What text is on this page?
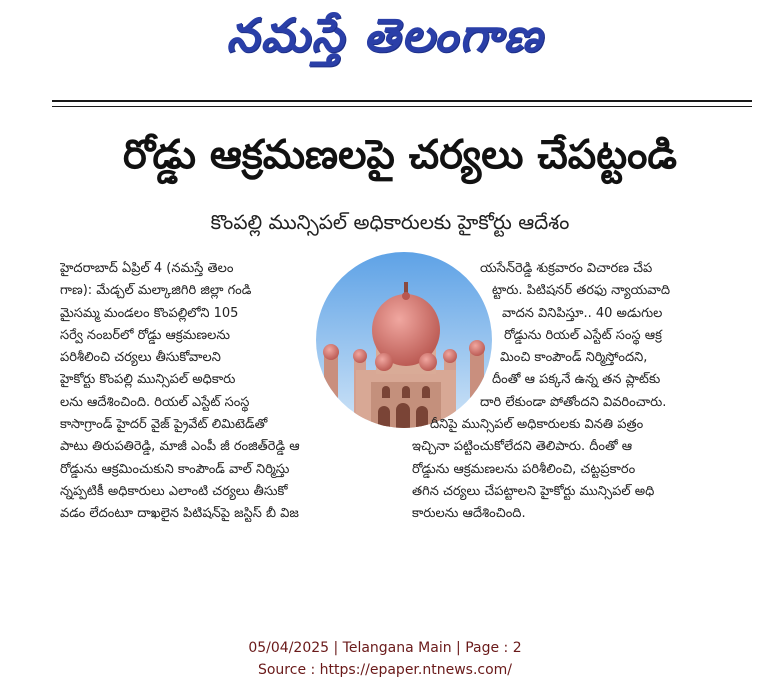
నమస్తే తెలంగాణ
రోడ్డు ఆక్రమణలపై చర్యలు చేపట్టండి
కొంపల్లి మున్సిపల్ అధికారులకు హైకోర్టు ఆదేశం
హైదరాబాద్ ఏప్రిల్ 4 (నమస్తే తెలం
గాణ): మేడ్చల్ మల్కాజిగిరి జిల్లా గండి
మైసమ్మ మండలం కొంపల్లిలోని 105
సర్వే నంబర్‌లో రోడ్డు ఆక్రమణలను
పరిశీలించి చర్యలు తీసుకోవాలని
హైకోర్టు కొంపల్లి మున్సిపల్ అధికారు
లను ఆదేశించింది. రియల్ ఎస్టేట్ సంస్థ
కాసాగ్రాండ్ హైదర్ వైజ్ ప్రైవేట్ లిమిటెడ్‌తో
పాటు తిరుపతిరెడ్డి, మాజీ ఎంపీ జీ రంజిత్‌రెడ్డి ఆ
రోడ్డును ఆక్రమించుకుని కాంపౌండ్ వాల్ నిర్మిస్తు
న్నప్పటికీ అధికారులు ఎలాంటి చర్యలు తీసుకో
వడం లేదంటూ దాఖలైన పిటిషన్‌పై జస్టిస్ బీ విజ
యసేన్‌రెడ్డి శుక్రవారం విచారణ చేప
ట్టారు. పిటిషనర్ తరఫు న్యాయవాది
వాదన వినిపిస్తూ.. 40 అడుగుల
రోడ్డును రియల్ ఎస్టేట్ సంస్థ ఆక్ర
మించి కాంపౌండ్ నిర్మిస్తోందని,
దీంతో ఆ పక్కనే ఉన్న తన ప్లాట్‌కు
దారి లేకుండా పోతోందని వివరించారు.
దీనిపై మున్సిపల్ అధికారులకు వినతి పత్రం
ఇచ్చినా పట్టించుకోలేదని తెలిపారు. దీంతో ఆ
రోడ్డును ఆక్రమణలను పరిశీలించి, చట్టప్రకారం
తగిన చర్యలు చేపట్టాలని హైకోర్టు మున్సిపల్ అధి
కారులను ఆదేశించింది.
05/04/2025 | Telangana Main | Page : 2
Source : https://epaper.ntnews.com/
